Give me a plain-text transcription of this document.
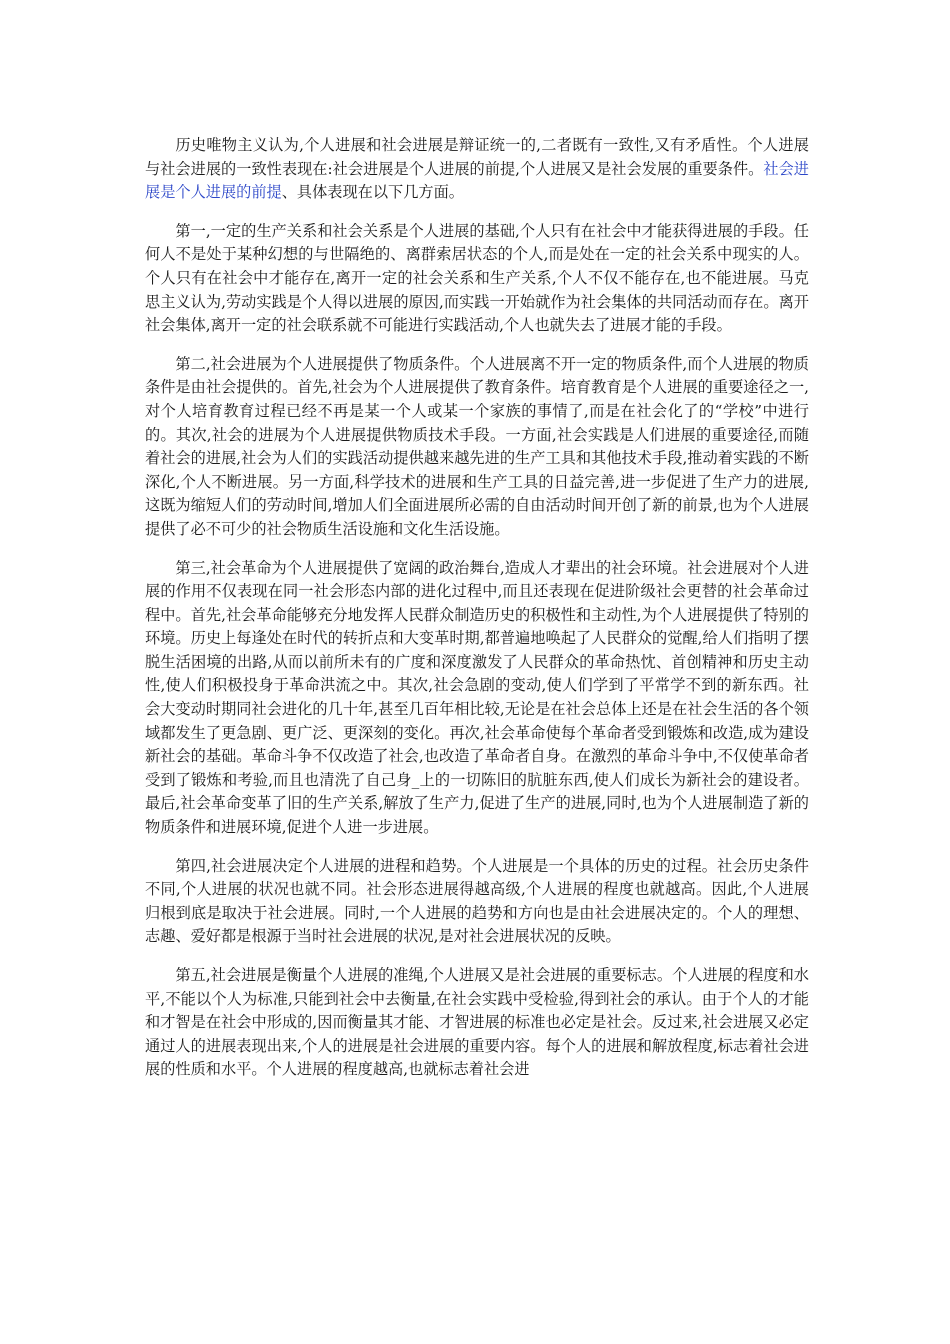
历史唯物主义认为,个人进展和社会进展是辩证统一的,二者既有一致性,又有矛盾性。个人进展与社会进展的一致性表现在:社会进展是个人进展的前提,个人进展又是社会发展的重要条件。社会进展是个人进展的前提、具体表现在以下几方面。

第一,一定的生产关系和社会关系是个人进展的基础,个人只有在社会中才能获得进展的手段。任何人不是处于某种幻想的与世隔绝的、离群索居状态的个人,而是处在一定的社会关系中现实的人。个人只有在社会中才能存在,离开一定的社会关系和生产关系,个人不仅不能存在,也不能进展。马克思主义认为,劳动实践是个人得以进展的原因,而实践一开始就作为社会集体的共同活动而存在。离开社会集体,离开一定的社会联系就不可能进行实践活动,个人也就失去了进展才能的手段。

第二,社会进展为个人进展提供了物质条件。个人进展离不开一定的物质条件,而个人进展的物质条件是由社会提供的。首先,社会为个人进展提供了教育条件。培育教育是个人进展的重要途径之一,对个人培育教育过程已经不再是某一个人或某一个家族的事情了,而是在社会化了的“学校”中进行的。其次,社会的进展为个人进展提供物质技术手段。一方面,社会实践是人们进展的重要途径,而随着社会的进展,社会为人们的实践活动提供越来越先进的生产工具和其他技术手段,推动着实践的不断深化,个人不断进展。另一方面,科学技术的进展和生产工具的日益完善,进一步促进了生产力的进展,这既为缩短人们的劳动时间,增加人们全面进展所必需的自由活动时间开创了新的前景,也为个人进展提供了必不可少的社会物质生活设施和文化生活设施。

第三,社会革命为个人进展提供了宽阔的政治舞台,造成人才辈出的社会环境。社会进展对个人进展的作用不仅表现在同一社会形态内部的进化过程中,而且还表现在促进阶级社会更替的社会革命过程中。首先,社会革命能够充分地发挥人民群众制造历史的积极性和主动性,为个人进展提供了特别的环境。历史上每逢处在时代的转折点和大变革时期,都普遍地唤起了人民群众的觉醒,给人们指明了摆脱生活困境的出路,从而以前所未有的广度和深度激发了人民群众的革命热忱、首创精神和历史主动性,使人们积极投身于革命洪流之中。其次,社会急剧的变动,使人们学到了平常学不到的新东西。社会大变动时期同社会进化的几十年,甚至几百年相比较,无论是在社会总体上还是在社会生活的各个领域都发生了更急剧、更广泛、更深刻的变化。再次,社会革命使每个革命者受到锻炼和改造,成为建设新社会的基础。革命斗争不仅改造了社会,也改造了革命者自身。在激烈的革命斗争中,不仅使革命者受到了锻炼和考验,而且也清洗了自己身_上的一切陈旧的肮脏东西,使人们成长为新社会的建设者。最后,社会革命变革了旧的生产关系,解放了生产力,促进了生产的进展,同时,也为个人进展制造了新的物质条件和进展环境,促进个人进一步进展。

第四,社会进展决定个人进展的进程和趋势。个人进展是一个具体的历史的过程。社会历史条件不同,个人进展的状况也就不同。社会形态进展得越高级,个人进展的程度也就越高。因此,个人进展归根到底是取决于社会进展。同时,一个人进展的趋势和方向也是由社会进展决定的。个人的理想、志趣、爱好都是根源于当时社会进展的状况,是对社会进展状况的反映。

第五,社会进展是衡量个人进展的准绳,个人进展又是社会进展的重要标志。个人进展的程度和水平,不能以个人为标准,只能到社会中去衡量,在社会实践中受检验,得到社会的承认。由于个人的才能和才智是在社会中形成的,因而衡量其才能、才智进展的标准也必定是社会。反过来,社会进展又必定通过人的进展表现出来,个人的进展是社会进展的重要内容。每个人的进展和解放程度,标志着社会进展的性质和水平。个人进展的程度越高,也就标志着社会进
